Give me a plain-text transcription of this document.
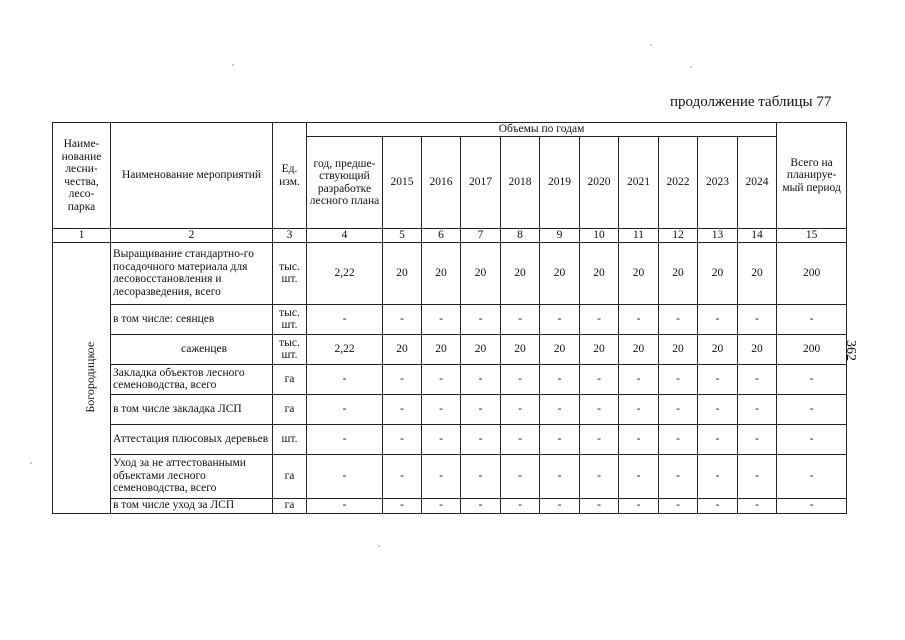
продолжение таблицы 77
362
Наиме-нование лесни-чества, лесо-парка	Наименование мероприятий	Ед. изм.	Объемы по годам											Всего на планируе-мый период
			год, предше-ствующий разработке лесного плана	2015	2016	2017	2018	2019	2020	2021	2022	2023	2024	
1	2	3	4	5	6	7	8	9	10	11	12	13	14	15
Богородицкое	Выращивание стандартно-го посадочного материала для лесовосстановления и лесоразведения, всего	тыс. шт.	2,22	20	20	20	20	20	20	20	20	20	20	200
	в том числе: сеянцев	тыс. шт.	-	-	-	-	-	-	-	-	-	-	-	-
	саженцев	тыс. шт.	2,22	20	20	20	20	20	20	20	20	20	20	200
	Закладка объектов лесного семеноводства, всего	га	-	-	-	-	-	-	-	-	-	-	-	-
	в том числе закладка ЛСП	га	-	-	-	-	-	-	-	-	-	-	-	-
	Аттестация плюсовых деревьев	шт.	-	-	-	-	-	-	-	-	-	-	-	-
	Уход за не аттестованными объектами лесного семеноводства, всего	га	-	-	-	-	-	-	-	-	-	-	-	-
	в том числе уход за ЛСП	га	-	-	-	-	-	-	-	-	-	-	-	-
